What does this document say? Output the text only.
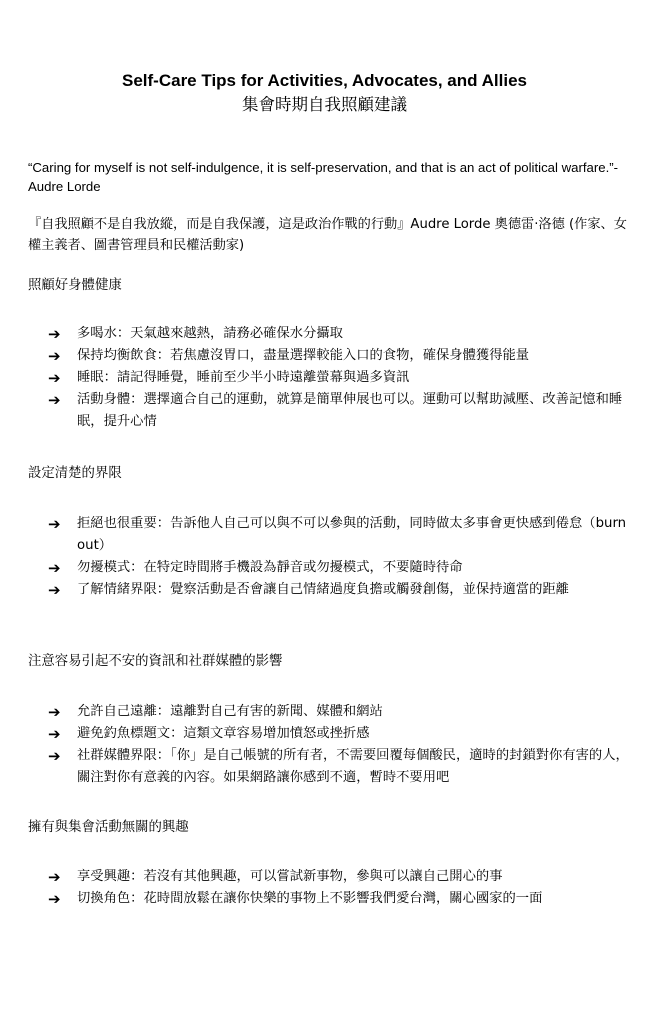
Self-Care Tips for Activities, Advocates, and Allies
集會時期自我照顧建議
“Caring for myself is not self-indulgence, it is self-preservation, and that is an act of political warfare.”-Audre Lorde
『自我照顧不是自我放縱，而是自我保護，這是政治作戰的行動』Audre Lorde 奧德雷·洛德 (作家、女權主義者、圖書管理員和民權活動家)
照顧好身體健康
➔	多喝水：天氣越來越熱，請務必確保水分攝取
➔	保持均衡飲食：若焦慮沒胃口，盡量選擇較能入口的食物，確保身體獲得能量
➔	睡眠：請記得睡覺，睡前至少半小時遠離螢幕與過多資訊
➔	活動身體：選擇適合自己的運動，就算是簡單伸展也可以。運動可以幫助減壓、改善記憶和睡眠，提升心情
設定清楚的界限
➔	拒絕也很重要：告訴他人自己可以與不可以參與的活動，同時做太多事會更快感到倦怠（burn out）
➔	勿擾模式：在特定時間將手機設為靜音或勿擾模式，不要隨時待命
➔	了解情緒界限：覺察活動是否會讓自己情緒過度負擔或觸發創傷，並保持適當的距離
注意容易引起不安的資訊和社群媒體的影響
➔	允許自己遠離：遠離對自己有害的新聞、媒體和網站
➔	避免釣魚標題文：這類文章容易增加憤怒或挫折感
➔	社群媒體界限：「你」是自己帳號的所有者，不需要回覆每個酸民，適時的封鎖對你有害的人，關注對你有意義的內容。如果網路讓你感到不適，暫時不要用吧
擁有與集會活動無關的興趣
➔	享受興趣：若沒有其他興趣，可以嘗試新事物，參與可以讓自己開心的事
➔	切換角色：花時間放鬆在讓你快樂的事物上不影響我們愛台灣，關心國家的一面
